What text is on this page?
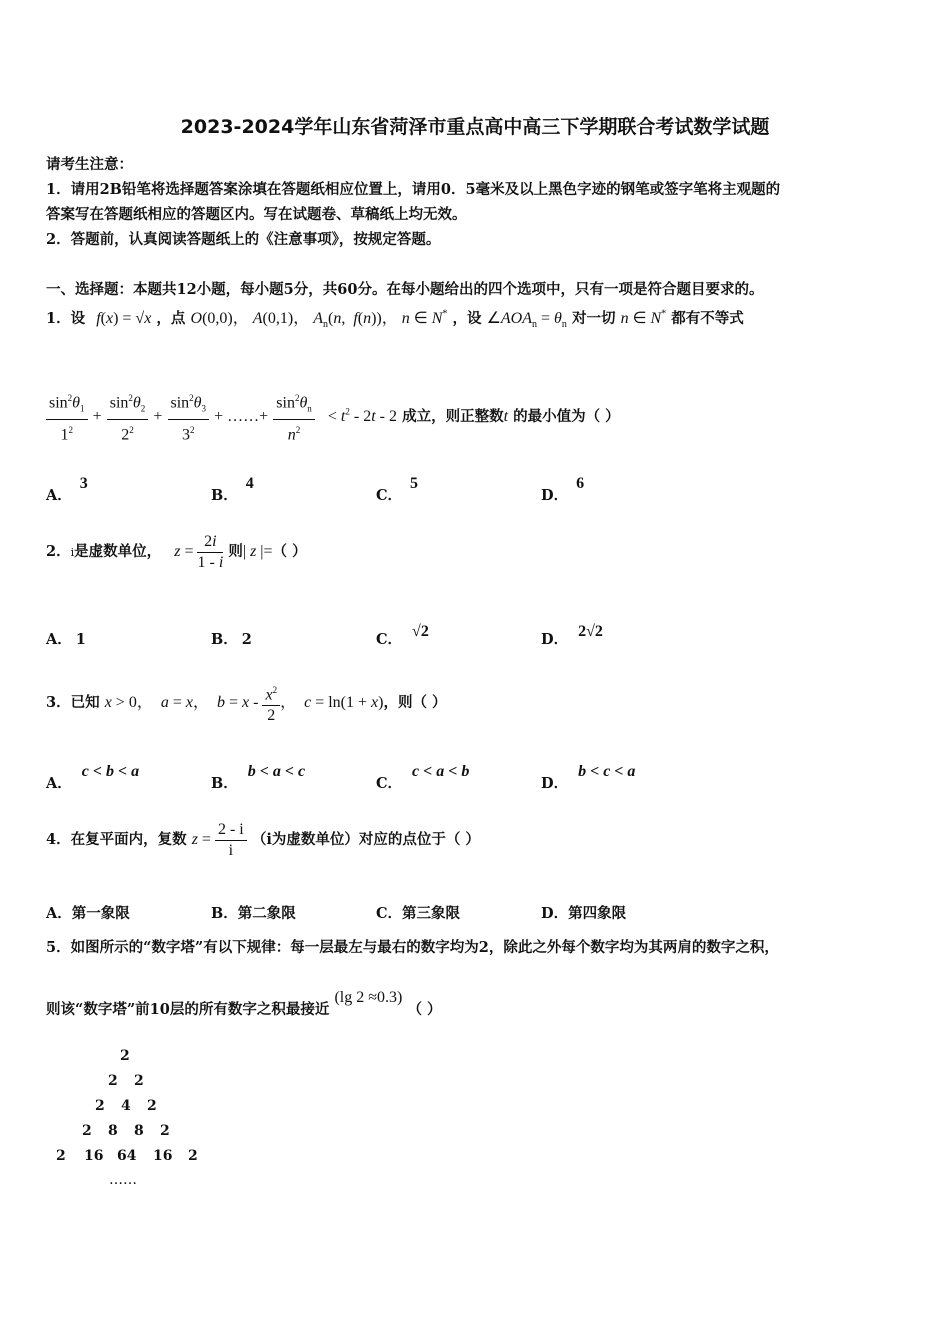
2023-2024学年山东省菏泽市重点高中高三下学期联合考试数学试题
请考生注意：
1．请用2B铅笔将选择题答案涂填在答题纸相应位置上，请用0．5毫米及以上黑色字迹的钢笔或签字笔将主观题的
答案写在答题纸相应的答题区内。写在试题卷、草稿纸上均无效。
2．答题前，认真阅读答题纸上的《注意事项》，按规定答题。
一、选择题：本题共12小题，每小题5分，共60分。在每小题给出的四个选项中，只有一项是符合题目要求的。
1．设 f(x) = √x ，点 O(0,0)， A(0,1)， $A_n(n$,  f(n))， n ∈ N* ，设 $\angle AOA_n = \theta_n$ 对一切 n ∈ N* 都有不等式
$\frac{\sin^2\theta_1}{1^2} + \frac{\sin^2\theta_2}{2^2} + \frac{\sin^2\theta_3}{3^2}$ + ……+ $\frac{\sin^2\theta_n}{n^2} < t^2 - 2t - 2$ 成立，则正整数t 的最小值为（ ）
A．3
B．4
C．5
D．6
2．i是虚数单位， $z = \frac{2i}{1 - i}$ 则| z |=（ ）
A． 1	B． 2	C． √2	D． 2√2
3．已知 x > 0，  a = x，  $b = x - \frac{x^2}{2}$ ，  c = ln(1 + x)，则（ ）
A．c < b < a
B．b < a < c
C．c < a < b
D．b < c < a
4．在复平面内，复数 $z = \frac{2 - i}{i} (i$为虚数单位）对应的点位于（ ）
A．第一象限	B．第二象限	C．第三象限	D．第四象限
5．如图所示的“数字塔”有以下规律：每一层最左与最右的数字均为2，除此之外每个数字均为其两肩的数字之积，
则该“数字塔”前10层的所有数字之积最接近 (lg 2 ≈0.3) （ ）
2
2 2
2 4 2
2 8 8 2
2 16 64 16 2
……
